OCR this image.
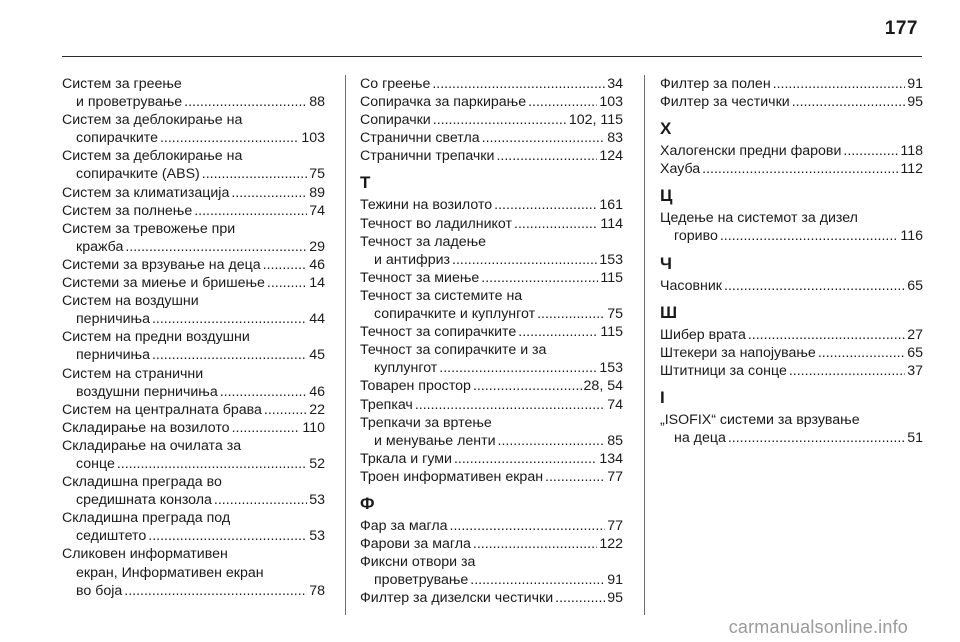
177
Систем за греење
и проветрување .....	88
Систем за деблокирање на
сопирачките .....	103
Систем за деблокирање на
сопирачките (ABS) .....	75
Систем за климатизација .....	89
Систем за полнење .....	74
Систем за тревожење при
кражба .....	29
Системи за врзување на деца .....	46
Системи за миење и бришење .....	14
Систем на воздушни
перничиња .....	44
Систем на предни воздушни
перничиња .....	45
Систем на странични
воздушни перничиња .....	46
Систем на централната брава .....	22
Складирање на возилото .....	110
Складирање на очилата за
сонце .....	52
Складишна преграда во
средишната конзола .....	53
Складишна преграда под
седиштето .....	53
Сликовен информативен
екран, Информативен екран
во боја .....	78
Со греење .....	34
Сопирачка за паркирање .....	103
Сопирачки .....	102, 115
Странични светла .....	83
Странични трепачки .....	124
Т
Тежини на возилото .....	161
Течност во ладилникот .....	114
Течност за ладење
и антифриз .....	153
Течност за миење .....	115
Течност за системите на
сопирачките и куплунгот .....	75
Течност за сопирачките .....	115
Течност за сопирачките и за
куплунгот .....	153
Товарен простор .....	28, 54
Трепкач .....	74
Трепкачи за вртење
и менување ленти .....	85
Тркала и гуми .....	134
Троен информативен екран .....	77
Ф
Фар за магла .....	77
Фарови за магла .....	122
Фиксни отвори за
проветрување .....	91
Филтер за дизелски честички .....	95
Филтер за полен .....	91
Филтер за честички .....	95
Х
Халогенски предни фарови .....	118
Хауба .....	112
Ц
Цедење на системот за дизел
гориво .....	116
Ч
Часовник .....	65
Ш
Шибер врата .....	27
Штекери за напојување .....	65
Штитници за сонце .....	37
І
„ISOFIX“ системи за врзување
на деца .....	51
carmanualsonline.info
